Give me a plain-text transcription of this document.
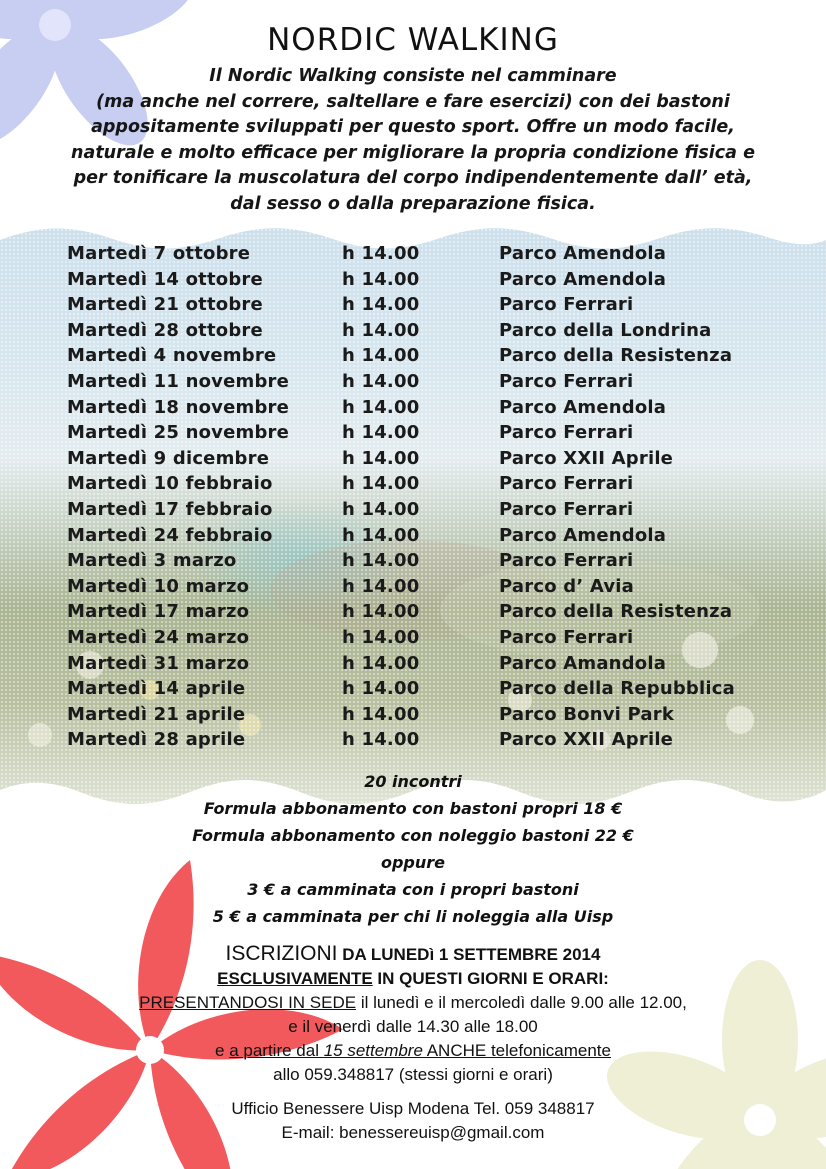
NORDIC WALKING
Il Nordic Walking consiste nel camminare
(ma anche nel correre, saltellare e fare esercizi) con dei bastoni
appositamente sviluppati per questo sport. Offre un modo facile,
naturale e molto efficace per migliorare la propria condizione fisica e
per tonificare la muscolatura del corpo indipendentemente dall’ età,
dal sesso o dalla preparazione fisica.
Martedì 7 ottobre	h 14.00	Parco Amendola
Martedì 14 ottobre	h 14.00	Parco Amendola
Martedì 21 ottobre	h 14.00	Parco Ferrari
Martedì 28 ottobre	h 14.00	Parco della Londrina
Martedì 4 novembre	h 14.00	Parco della Resistenza
Martedì 11 novembre	h 14.00	Parco Ferrari
Martedì 18 novembre	h 14.00	Parco Amendola
Martedì 25 novembre	h 14.00	Parco Ferrari
Martedì 9 dicembre	h 14.00	Parco XXII Aprile
Martedì 10 febbraio	h 14.00	Parco Ferrari
Martedì 17 febbraio	h 14.00	Parco Ferrari
Martedì 24 febbraio	h 14.00	Parco Amendola
Martedì 3 marzo	h 14.00	Parco Ferrari
Martedì 10 marzo	h 14.00	Parco d’ Avia
Martedì 17 marzo	h 14.00	Parco della Resistenza
Martedì 24 marzo	h 14.00	Parco Ferrari
Martedì 31 marzo	h 14.00	Parco Amandola
Martedì 14 aprile	h 14.00	Parco della Repubblica
Martedì 21 aprile	h 14.00	Parco Bonvi Park
Martedì 28 aprile	h 14.00	Parco XXII Aprile
20 incontri
Formula abbonamento con bastoni propri 18 €
Formula abbonamento con noleggio bastoni 22 €
oppure
3 € a camminata con i propri bastoni
5 € a camminata per chi li noleggia alla Uisp
ISCRIZIONI DA LUNEDì 1 SETTEMBRE 2014
ESCLUSIVAMENTE IN QUESTI GIORNI E ORARI:
PRESENTANDOSI IN SEDE il lunedì e il mercoledì dalle 9.00 alle 12.00,
e il venerdì dalle 14.30 alle 18.00
e a partire dal 15 settembre ANCHE telefonicamente
allo 059.348817 (stessi giorni e orari)
Ufficio Benessere Uisp Modena Tel. 059 348817
E-mail: benessereuisp@gmail.com
